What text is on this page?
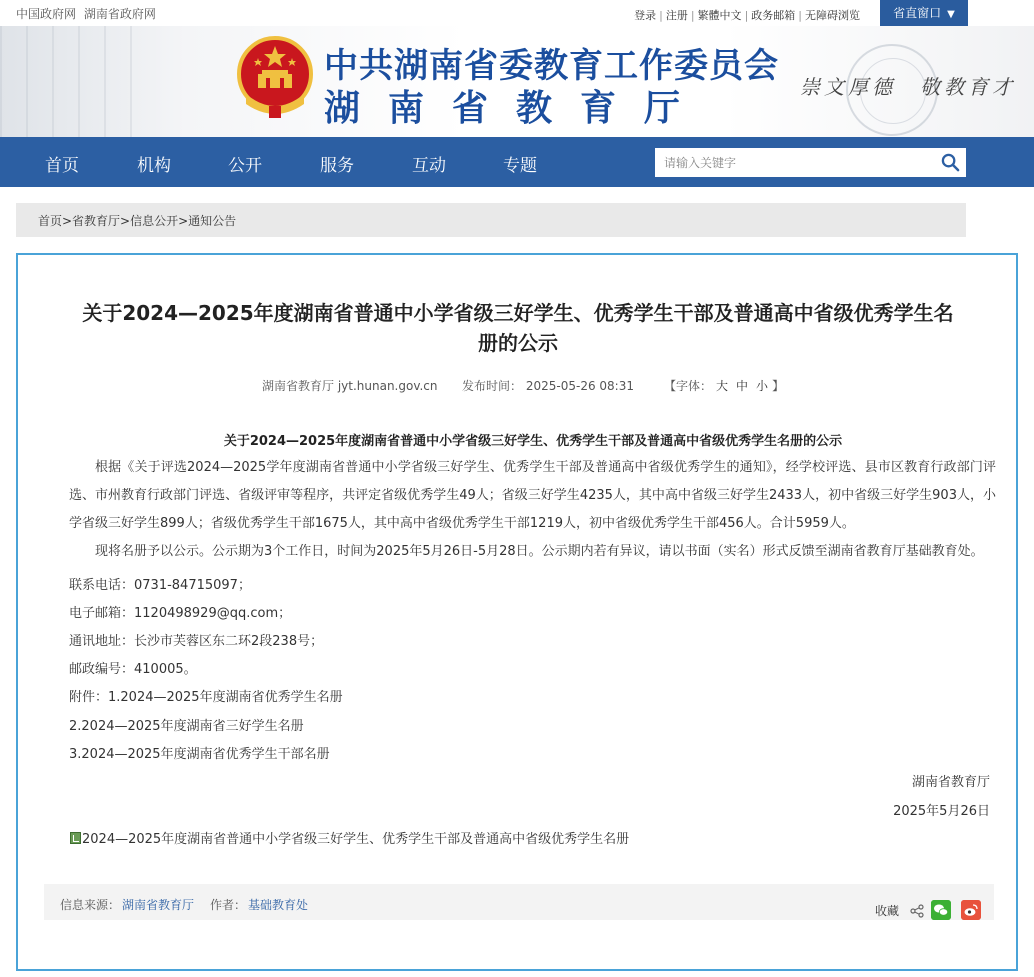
中国政府网 湖南省政府网	登录 | 注册 | 繁體中文 | 政务邮箱 | 无障碍浏览	省直窗口 ▼
中共湖南省委教育工作委员会
湖南省教育厅
崇文厚德　敬教育才
首页	机构	公开	服务	互动	专题
请输入关键字
首页>省教育厅>信息公开>通知公告
关于2024—2025年度湖南省普通中小学省级三好学生、优秀学生干部及普通高中省级优秀学生名
册的公示
湖南省教育厅 jyt.hunan.gov.cn 发布时间： 2025-05-26 08:31	【字体： 大 中 小 】
关于2024—2025年度湖南省普通中小学省级三好学生、优秀学生干部及普通高中省级优秀学生名册的公示
根据《关于评选2024—2025学年度湖南省普通中小学省级三好学生、优秀学生干部及普通高中省级优秀学生的通知》，经学校评选、县市区教育行政部门评选、市州教育行政部门评选、省级评审等程序，共评定省级优秀学生49人；省级三好学生4235人，其中高中省级三好学生2433人，初中省级三好学生903人，小学省级三好学生899人；省级优秀学生干部1675人，其中高中省级优秀学生干部1219人，初中省级优秀学生干部456人。合计5959人。
现将名册予以公示。公示期为3个工作日，时间为2025年5月26日-5月28日。公示期内若有异议，请以书面（实名）形式反馈至湖南省教育厅基础教育处。
联系电话：0731-84715097；
电子邮箱：1120498929@qq.com；
通讯地址：长沙市芙蓉区东二环2段238号；
邮政编号：410005。
附件：1.2024—2025年度湖南省优秀学生名册
2.2024—2025年度湖南省三好学生名册
3.2024—2025年度湖南省优秀学生干部名册
湖南省教育厅
2025年5月26日
2024—2025年度湖南省普通中小学省级三好学生、优秀学生干部及普通高中省级优秀学生名册
信息来源： 湖南省教育厅 作者： 基础教育处	收藏
